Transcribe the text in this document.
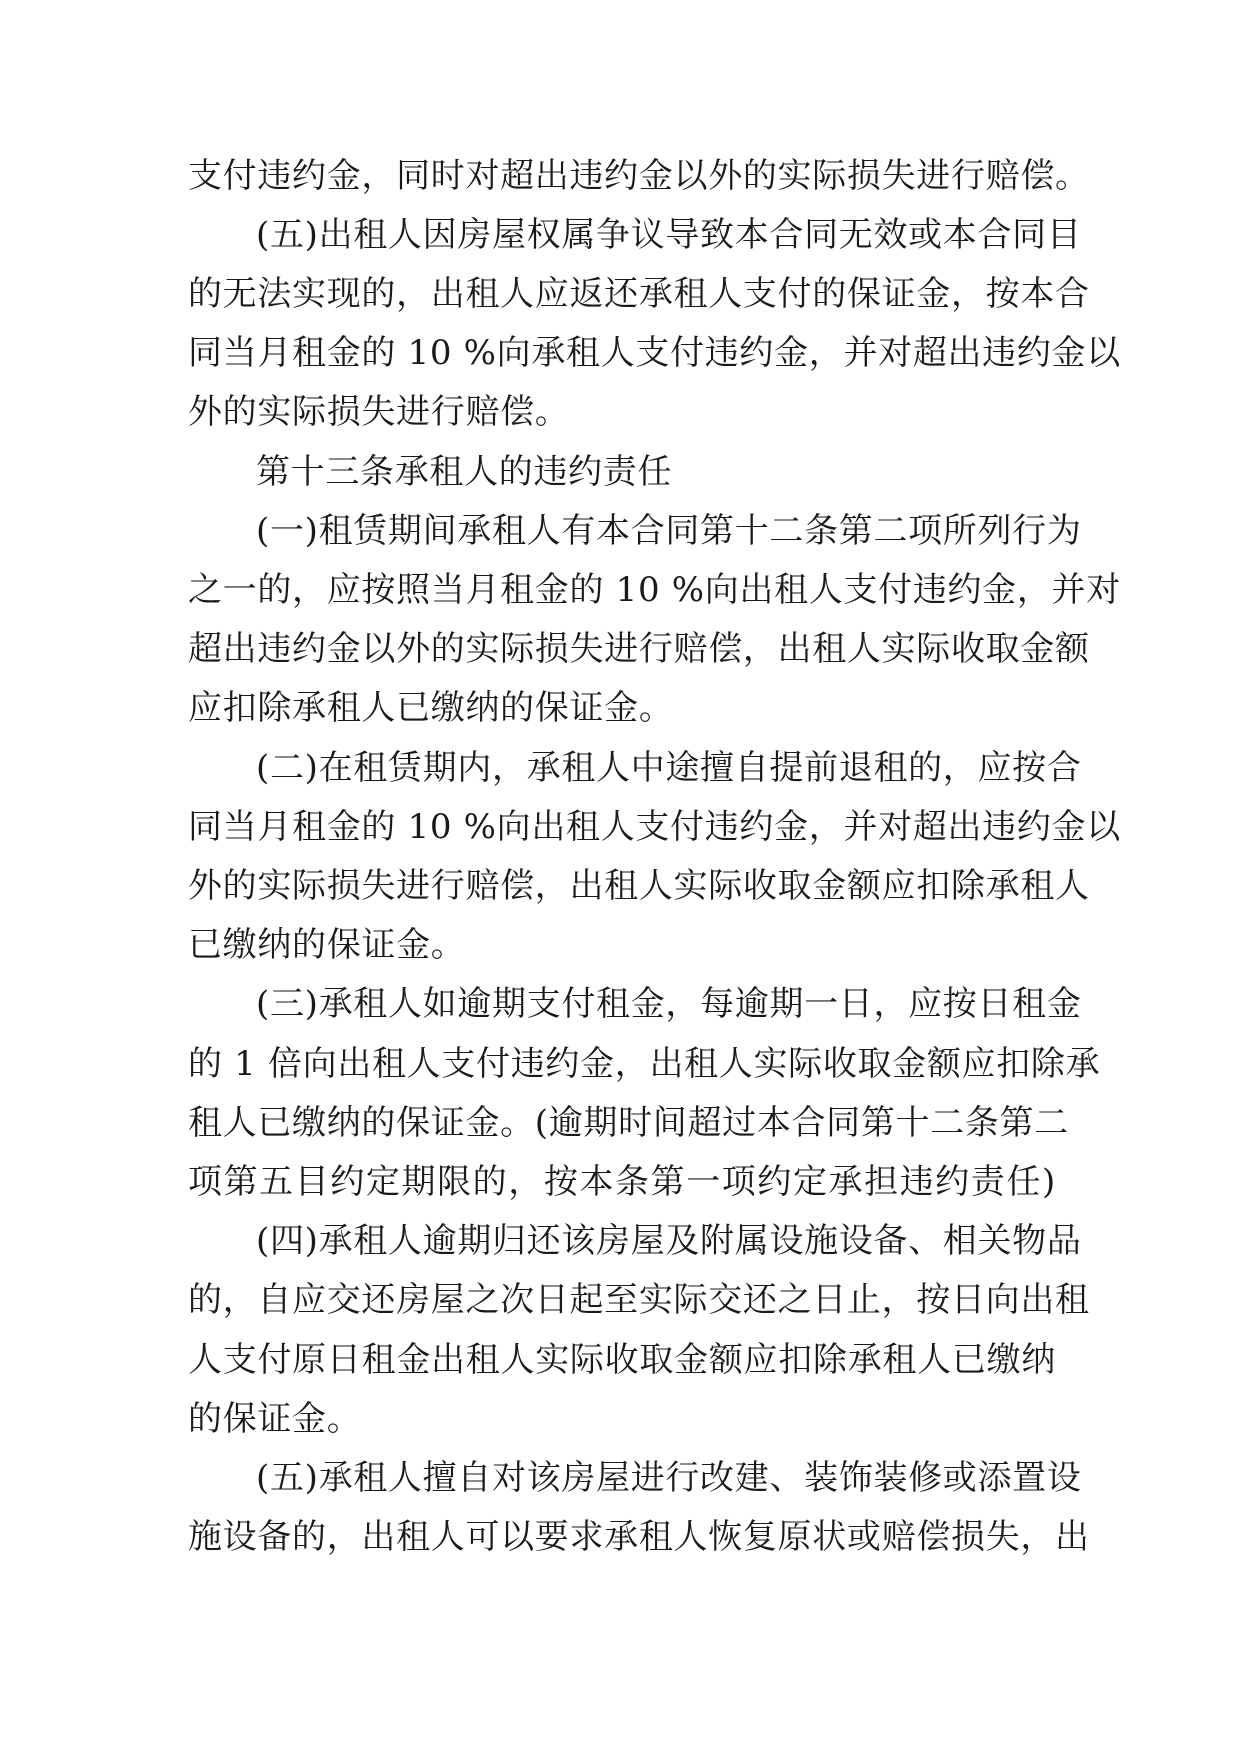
支付违约金，同时对超出违约金以外的实际损失进行赔偿。
(五)出租人因房屋权属争议导致本合同无效或本合同目
的无法实现的，出租人应返还承租人支付的保证金，按本合
同当月租金的 10 %向承租人支付违约金，并对超出违约金以
外的实际损失进行赔偿。
第十三条承租人的违约责任
(一)租赁期间承租人有本合同第十二条第二项所列行为
之一的，应按照当月租金的 10 %向出租人支付违约金，并对
超出违约金以外的实际损失进行赔偿，出租人实际收取金额
应扣除承租人已缴纳的保证金。
(二)在租赁期内，承租人中途擅自提前退租的，应按合
同当月租金的 10 %向出租人支付违约金，并对超出违约金以
外的实际损失进行赔偿，出租人实际收取金额应扣除承租人
已缴纳的保证金。
(三)承租人如逾期支付租金，每逾期一日，应按日租金
的 1 倍向出租人支付违约金，出租人实际收取金额应扣除承
租人已缴纳的保证金。(逾期时间超过本合同第十二条第二
项第五目约定期限的，按本条第一项约定承担违约责任)
(四)承租人逾期归还该房屋及附属设施设备、相关物品
的，自应交还房屋之次日起至实际交还之日止，按日向出租
人支付原日租金出租人实际收取金额应扣除承租人已缴纳
的保证金。
(五)承租人擅自对该房屋进行改建、装饰装修或添置设
施设备的，出租人可以要求承租人恢复原状或赔偿损失，出
